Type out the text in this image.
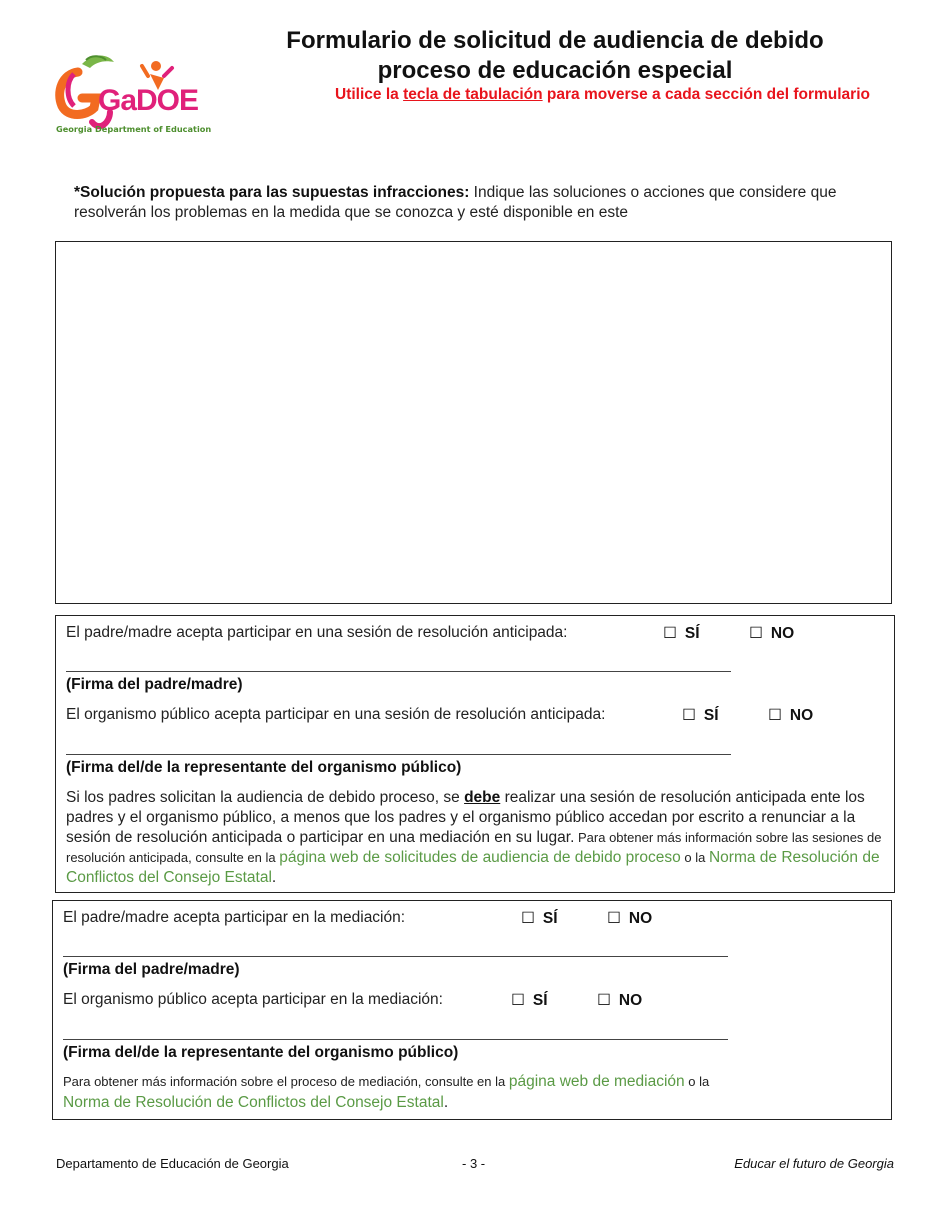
GaDOE
Georgia Department of Education
Formulario de solicitud de audiencia de debido
proceso de educación especial
Utilice la tecla de tabulación para moverse a cada sección del formulario
*Solución propuesta para las supuestas infracciones: Indique las soluciones o acciones que considere que resolverán los problemas en la medida que se conozca y esté disponible en este
El padre/madre acepta participar en una sesión de resolución anticipada:	☐ SÍ	☐ NO
(Firma del padre/madre)
El organismo público acepta participar en una sesión de resolución anticipada:	☐ SÍ	☐ NO
(Firma del/de la representante del organismo público)
Si los padres solicitan la audiencia de debido proceso, se debe realizar una sesión de resolución anticipada ente los padres y el organismo público, a menos que los padres y el organismo público accedan por escrito a renunciar a la sesión de resolución anticipada o participar en una mediación en su lugar. Para obtener más información sobre las sesiones de resolución anticipada, consulte en la página web de solicitudes de audiencia de debido proceso o la Norma de Resolución de Conflictos del Consejo Estatal.
El padre/madre acepta participar en la mediación:	☐ SÍ	☐ NO
(Firma del padre/madre)
El organismo público acepta participar en la mediación:	☐ SÍ	☐ NO
(Firma del/de la representante del organismo público)
Para obtener más información sobre el proceso de mediación, consulte en la página web de mediación o la
Norma de Resolución de Conflictos del Consejo Estatal.
Departamento de Educación de Georgia	- 3 -	Educar el futuro de Georgia
